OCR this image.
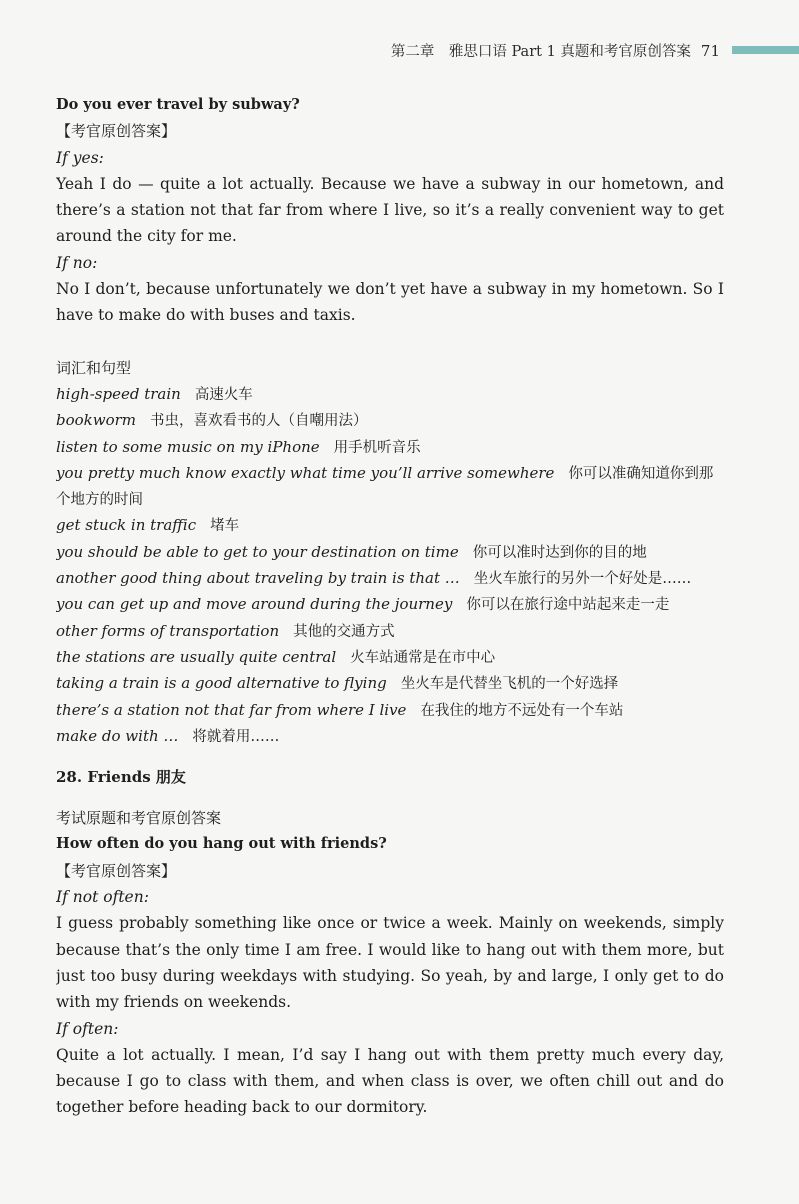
第二章　雅思口语 Part 1 真题和考官原创答案 71
Do you ever travel by subway?
【考官原创答案】
If yes:
Yeah I do — quite a lot actually. Because we have a subway in our hometown, and
there’s a station not that far from where I live, so it’s a really convenient way to get
around the city for me.
If no:
No I don’t, because unfortunately we don’t yet have a subway in my hometown. So I
have to make do with buses and taxis.
词汇和句型
high-speed train 高速火车
bookworm 书虫，喜欢看书的人（自嘲用法）
listen to some music on my iPhone 用手机听音乐
you pretty much know exactly what time you’ll arrive somewhere 你可以准确知道你到那
个地方的时间
get stuck in traffic 堵车
you should be able to get to your destination on time 你可以准时达到你的目的地
another good thing about traveling by train is that … 坐火车旅行的另外一个好处是……
you can get up and move around during the journey 你可以在旅行途中站起来走一走
other forms of transportation 其他的交通方式
the stations are usually quite central 火车站通常是在市中心
taking a train is a good alternative to flying 坐火车是代替坐飞机的一个好选择
there’s a station not that far from where I live 在我住的地方不远处有一个车站
make do with … 将就着用……
28. Friends 朋友
考试原题和考官原创答案
How often do you hang out with friends?
【考官原创答案】
If not often:
I guess probably something like once or twice a week. Mainly on weekends, simply
because that’s the only time I am free. I would like to hang out with them more, but
just too busy during weekdays with studying. So yeah, by and large, I only get to do
with my friends on weekends.
If often:
Quite a lot actually. I mean, I’d say I hang out with them pretty much every day,
because I go to class with them, and when class is over, we often chill out and do
together before heading back to our dormitory.
